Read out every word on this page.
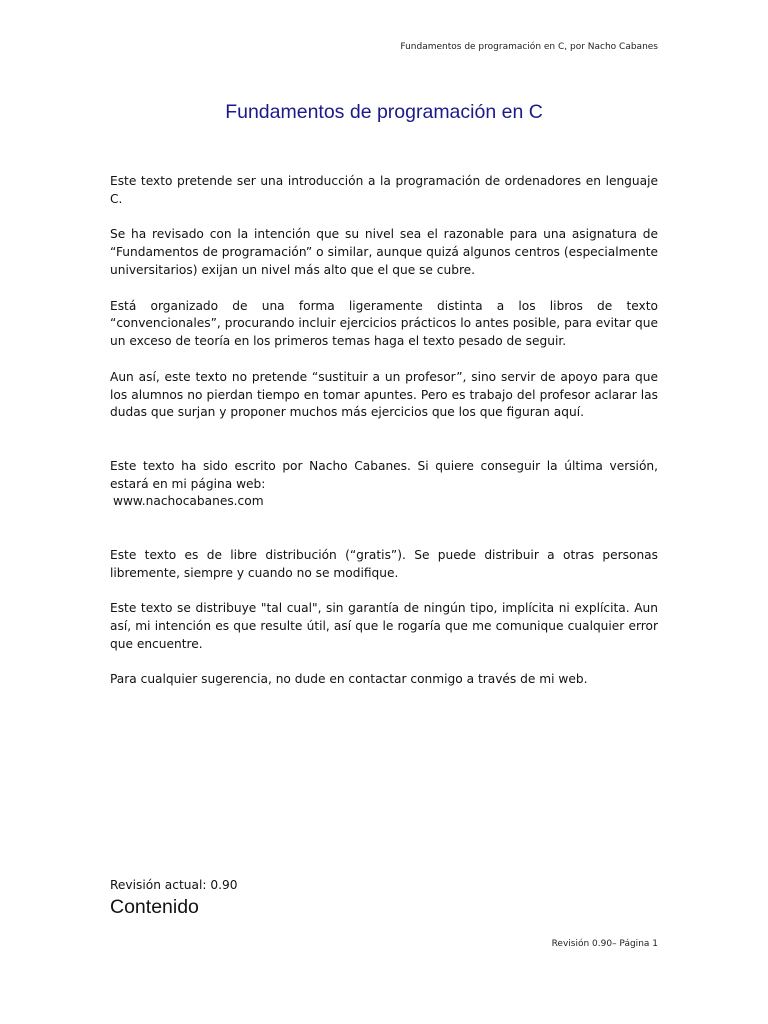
Fundamentos de programación en C, por Nacho Cabanes
Fundamentos de programación en C

Este texto pretende ser una introducción a la programación de ordenadores en lenguaje C.

Se ha revisado con la intención que su nivel sea el razonable para una asignatura de “Fundamentos de programación” o similar, aunque quizá algunos centros (especialmente universitarios) exijan un nivel más alto que el que se cubre.

Está organizado de una forma ligeramente distinta a los libros de texto “convencionales”, procurando incluir ejercicios prácticos lo antes posible, para evitar que un exceso de teoría en los primeros temas haga el texto pesado de seguir.

Aun así, este texto no pretende “sustituir a un profesor”, sino servir de apoyo para que los alumnos no pierdan tiempo en tomar apuntes. Pero es trabajo del profesor aclarar las dudas que surjan y proponer muchos más ejercicios que los que figuran aquí.

Este texto ha sido escrito por Nacho Cabanes. Si quiere conseguir la última versión, estará en mi página web:

www.nachocabanes.com

Este texto es de libre distribución (“gratis”). Se puede distribuir a otras personas libremente, siempre y cuando no se modifique.

Este texto se distribuye "tal cual", sin garantía de ningún tipo, implícita ni explícita. Aun así, mi intención es que resulte útil, así que le rogaría que me comunique cualquier error que encuentre.

Para cualquier sugerencia, no dude en contactar conmigo a través de mi web.

Revisión actual: 0.90
Contenido
Revisión 0.90– Página 1
